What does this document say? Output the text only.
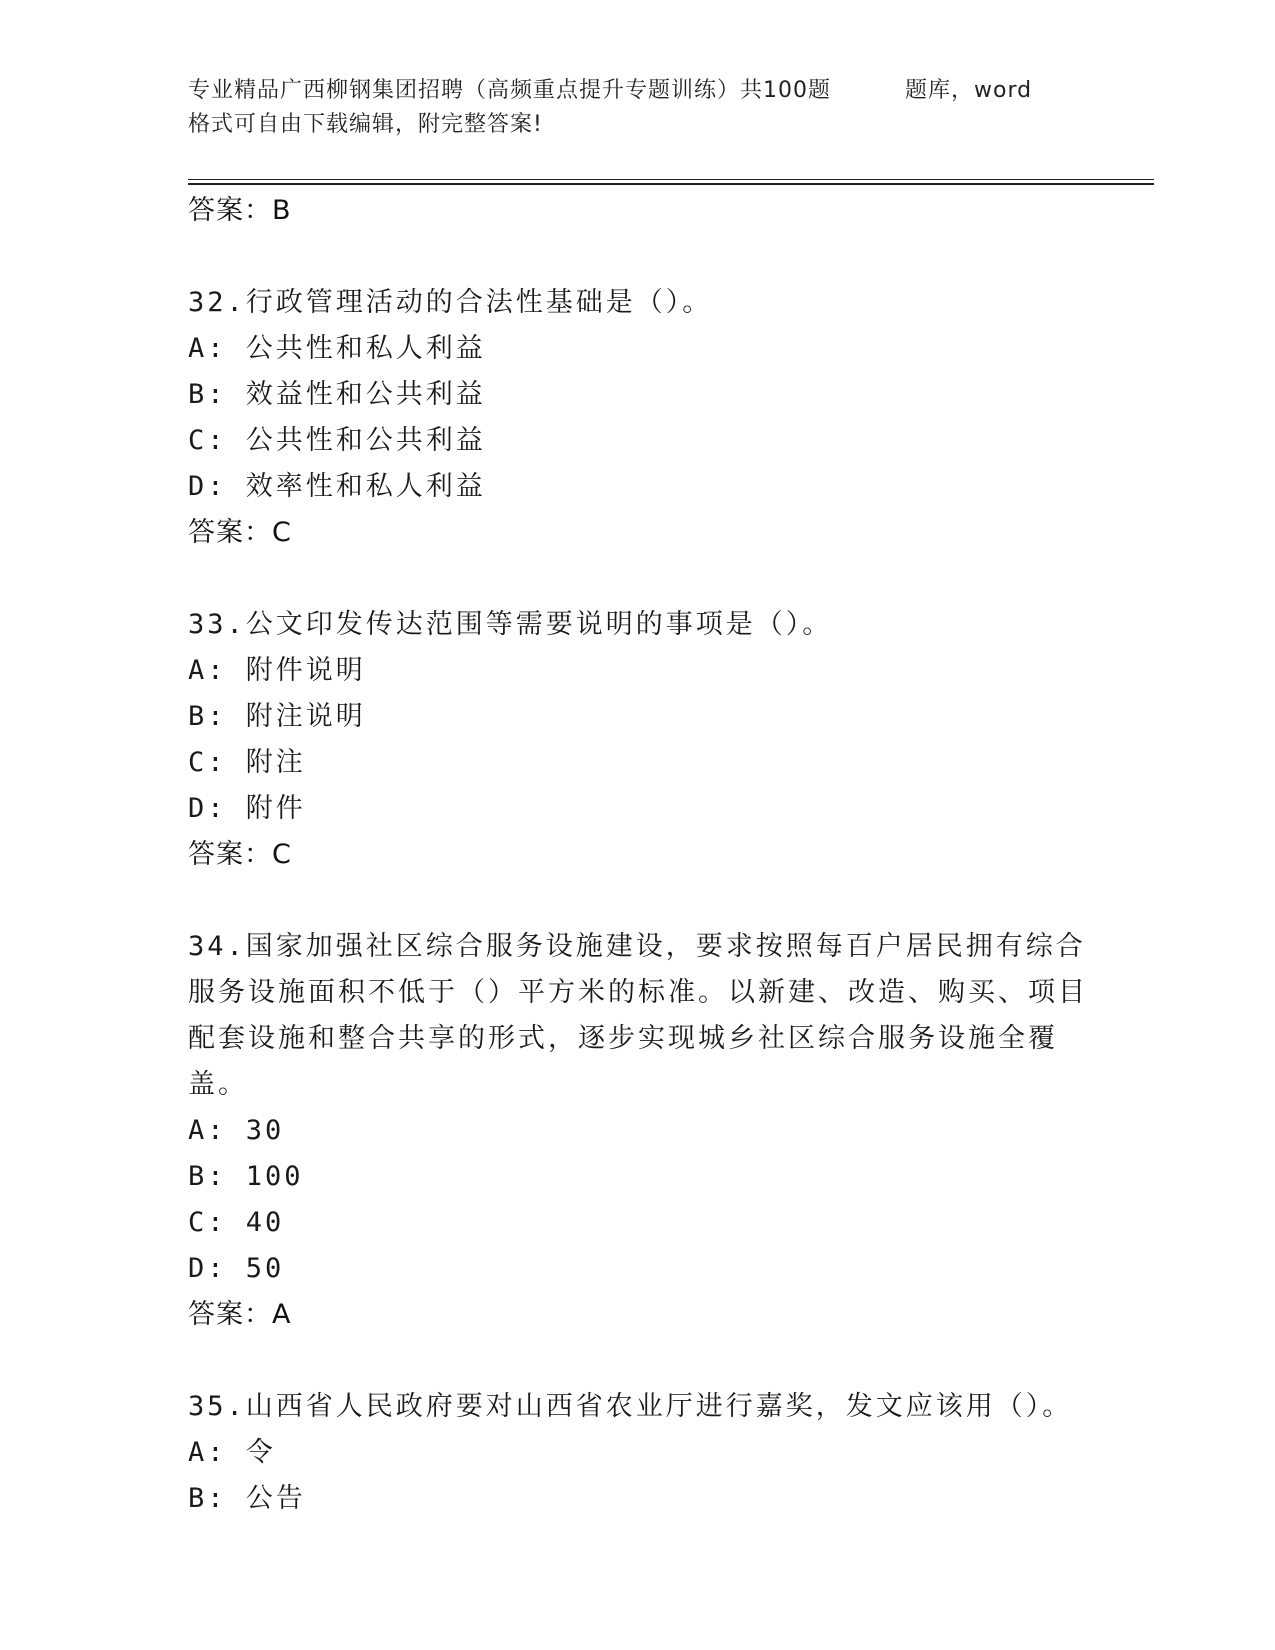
专业精品广西柳钢集团招聘（高频重点提升专题训练）共100题	题库，word
格式可自由下载编辑，附完整答案!
答案：B
32.行政管理活动的合法性基础是（）。
A: 公共性和私人利益
B: 效益性和公共利益
C: 公共性和公共利益
D: 效率性和私人利益
答案：C
33.公文印发传达范围等需要说明的事项是（）。
A: 附件说明
B: 附注说明
C: 附注
D: 附件
答案：C
34.国家加强社区综合服务设施建设，要求按照每百户居民拥有综合服务设施面积不低于（）平方米的标准。以新建、改造、购买、项目配套设施和整合共享的形式，逐步实现城乡社区综合服务设施全覆盖。
A: 30
B: 100
C: 40
D: 50
答案：A
35.山西省人民政府要对山西省农业厅进行嘉奖，发文应该用（）。
A: 令
B: 公告
